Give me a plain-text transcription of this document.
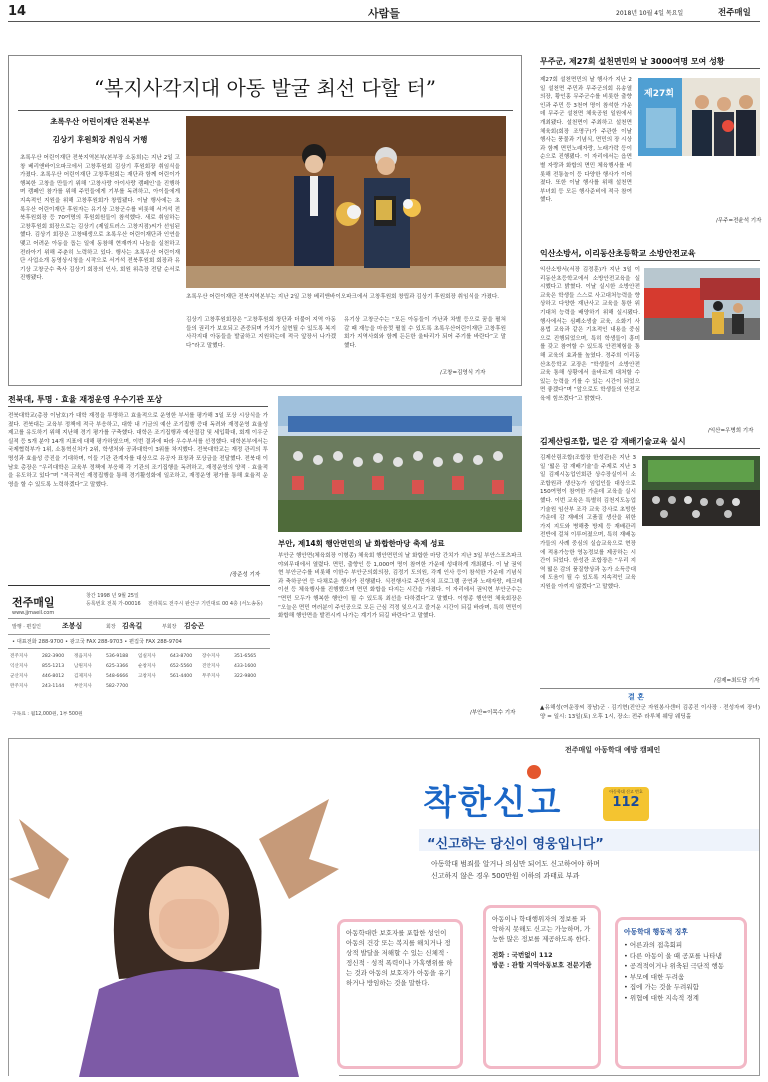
14	사람들	2018년 10월 4일 목요일	전주매일
“복지사각지대 아동 발굴 최선 다할 터”
초록우산 어린이재단 전북본부
김상기 후원회장 취임식 거행
초록우산 어린이재단 전북지역본부(본부장 소동희)는 지난 2일 고창 베리앤바이오파크에서 고창후원회 김상기 후원회장 취임식을 가졌다. 초록우산 어린이재단 고창후원회는 재단과 함께 어린이가 행복한 고창을 만들기 위해 ‘고창사랑 아이사랑 캠페인’을 진행하며 캠페인 참가를 위해 주민들에게 기부를 독려하고, 아이들에게 지속적인 지원을 위해 고창후원회가 창립됐다. 이날 행사에는 초록우산 어린이재단 후원자는 유기상 고창군수를 비롯해 서거석 전북후원회장 등 70여명의 후원회원들이 참석했다. 새로 취임하는 고창후원회 회장으로는 김상기 (제일트러스 고창지점)씨가 선임된 했다. 김상기 회장은 고창태생으로 초록우산 어린이재단과 인연을 맺고 어려운 아동을 돕는 일에 동참해 현재까지 나눔을 실천하고 전라아기 위해 주춘히 노력하고 있다. 행사는 초록우산 어린이재단 사업소개 동영상시청을 시작으로 서거석 전북후원회 회장과 유기상 고창군수 축사 김상기 회장의 인사, 회원 위촉장 전달 순서로 진행됐다.
초록우산 어린이재단 전북지역본부는 지난 2일 고창 베리앤바이오파크에서 고창후원회 창립과 김상기 후원회장 취임식을 가졌다.
김상기 고창후원회장은 “고창후원회 창단과 더불어 지역 아동들의 권리가 보호되고 존중되며 가치가 실현될 수 있도록 복지사각지대 아동들을 발굴하고 지원하는데 적극 앞장서 나가겠다”라고 말했다.
유기상 고창군수는 “모든 아동들이 가난과 차별 등으로 꿈을 펼쳐 갈 때 재능을 마음껏 펼칠 수 있도록 초록우산어린이재단 고창후원회가 지역사회와 함께 든든한 울타리가 되어 주기를 바란다”고 말했다.
/고창=김영식 기자
무주군, 제27회 설천면민의 날 3000여명 모여 성황
제27회 설천면민의 날 행사가 지난 2일 설천면 주민과 무주군의회 유송열 의장, 황인홍 무주군수를 비롯한 출향인과 주민 등 3천여 명이 참석한 가운데 무주군 설천면 체육공원 일원에서 개최됐다. 설천면이 주최하고 설천면체육회(회장 조명구)가 주관한 이날 행사는 풍물과 기념식, 면민의 장 시상과 함께 면민노래자랑, 노래가락 등이 순으로 진행됐다. 이 자리에서는 읍면별 자랑과 화합의 면민 체육행사를 비롯해 전통놀이 등 다양한 행사가 이어졌다. 또한 이날 행사를 위해 설천면 부녀회 등 모든 행사준비에 적극 참여 했다.
제27회
/무주=전윤석 기자
익산소방서, 이리동산초등학교 소방안전교육
익산소방서(서장 김정훈)가 지난 3일 이리동산초등학교에서 소방안전교육을 실시했다고 밝혔다. 이날 실시한 소방안전교육은 학생들 스스로 사고대처능력을 향상하고 다양한 재난사고 교육을 통한 위기대처 능력을 배양하기 위해 실시됐다. 행사에서는 심폐소생술 교육, 소화기 사용법 교육과 같은 기초적인 내용을 중심으로 진행되었으며, 특히 학생들이 흥미를 갖고 참여할 수 있도록 안전체험을 통해 교육의 효과를 높였다. 정주희 이리동산초등학교 교장은 “학생들이 소방안전교육 통해 상황에서 올바르게 대처할 수 있는 능력을 기를 수 있는 시간이 되었으면 좋겠다”며 “앞으로도 학생들의 안전교육에 힘쓰겠다”고 밝혔다.
/익산=우병희 기자
김제산림조합, 멀은 감 재배기술교육 실시
김제산림조합(조합장 한성관)은 지난 3일 ‘떫은 감 재배기술’을 주제로 지난 3일 김제시농업인회관 상수장실이서 소조합원과 생산농가 임업인들 대상으로 150여명이 참여한 가운데 교육을 실시했다. 이번 교육은 특별히 김천지도농업기술원 임산부 조각 교육 강사로 초빙한 가운데 감 재배의 고품질 생산을 위한 가지 지도와 병해충 방제 등 재배관리 전반에 걸쳐 이루어졌으며, 특히 재배농가들의 사례 중심의 실습교육으로 현장에 적용가능한 영농정보를 제공하는 시간이 되었다. 한성관 조합장은 “우리 지역 떫은 감의 품질향상과 농가 소득증대에 도움이 될 수 있도록 지속적인 교육 지원을 아끼지 않겠다”고 말했다.
/김제=최도담 기자
결 혼
▲유해성(여운장씨 장남)군 · 김기현(진안군 자원봉사센터 김종진 이사장 · 전성자씨 장녀)양 = 일시: 13일(토) 오후 1시, 장소: 전주 라루체 웨딩 웨딩홀
전북대, 투명 · 효율 재정운영 우수기관 포상
전북대학교(총장 이남호)가 대학 재정을 투명하고 효율적으로 운영한 부서를 평가해 3일 포상 시상식을 가졌다. 전북대는 교육부 정책에 적극 부응하고, 대학 내 기금의 예산 조기집행 증대 독려와 재정운영 효율성 제고를 유도하기 위해 지난해 경기 평가를 구축했다. 대학은 조기집행과 예산절감 및 세입확대, 회계 이우군 실적 등 5개 분야 14개 지표에 대해 평가하였으며, 이번 결과에 따라 우수부서를 선정했다. 대학본부에서는 국제협력부가 1위, 소통혁신처가 2위, 학생처와 공과대학이 3위를 차지했다. 전북대학교는 재정 관리의 투명성과 효율성 증진을 기대하며, 이들 기관 관계자를 대상으로 유공자 표창과 포상금을 전달했다. 전북대 이남호 총장은 “우리대학은 교육부 정책에 부응해 각 기관의 조기집행을 독려하고, 재정운영의 양적 · 효율적을 유도하고 있다”며 “적극적인 재정집행을 통해 경기활성화에 일조하고, 재정운영 평가를 통해 효율적 운영을 할 수 있도록 노력하겠다”고 말했다.
/장준성 기자
부안, 제14회 행안면민의 날 화합한마당 축제 성료
부안군 행안면(체육회장 이형종) 체육회 행안면민의 날 화합한 마당 간치가 지난 3일 부안스포츠파크 야외무대에서 열렸다. 면민, 출향인 등 1,000여 명이 참여한 가운데 성대하게 개최됐다. 이 날 권익현 부안군수를 비롯해 이한수 부안군의회의장, 김정기 도의원, 각계 인사 등이 참석한 가운데 기념식과 축하공연 등 다채로운 행사가 진행됐다. 식전행사로 주민자치 프로그램 공연과 노래자랑, 레크레이션 등 체육행사를 진행했으며 면민 화합을 다지는 시간을 가졌다. 이 자리에서 권익현 부안군수는 “면민 모두가 행복한 행안이 될 수 있도록 최선을 다하겠다”고 말했다. 이형종 행안면 체육회장은 “오늘은 면민 여러분이 주인공으로 모든 근심 걱정 잊으시고 즐거운 시간이 되길 바라며, 특히 면민이 화합해 행안면을 발전시켜 나가는 계기가 되길 바란다”고 말했다.
/부안=이목수 기자
전주매일
www.jjmaeil.com
창간 1998 년 9월 25일
등록번호 전북 가-00016 전라북도 전주시 완산구 기린대로 00 4층 (서노송동)
발행 · 편집인	조봉심	회장 김옥길	부회장 김승곤
• 대표전화 288-9700 • 광고국 FAX 288-9703 • 편집국 FAX 288-9704
전주지사	282-3900	정읍지사	536-9188	임실지사	643-8700	장수지사	351-6565
익산지사	855-1213	남원지사	625-3366	순창지사	652-5560	진안지사	433-1600
군산지사	446-8012	김제지사	548-6666	고창지사	561-4400	무주지사	322-9800
완주지사	243-1144	부안지사	582-7700
구독료 : 월12,000원, 1부 500원
전주매일 아동학대 예방 캠페인
착한신고	아동학대 신고 번호
112
“신고하는 당신이 영웅입니다”
아동학대 범죄를 알거나 의심만 되어도 신고하여야 하며
신고하지 않은 경우 500만원 이하의 과태료 부과
아동학대란 보호자를 포함한 성인이 아동의 건강 또는 복지를 해치거나 정상적 발달을 저해할 수 있는 신체적 · 정신적 · 성적 폭력이나 가혹행위를 하는 것과 아동의 보호자가 아동을 유기하거나 방임하는 것을 말한다.
아동이나 학대행위자의 정보를 파악하지 못해도 신고는 가능하며, 가능한 많은 정보를 제공하도록 한다.
전화 : 국번없이 112
방문 : 관할 지역아동보호 전문기관
아동학대 행동적 징후
• 어른과의 접촉회피
• 다른 아동이 울 때 공포를 나타냄
• 공격적이거나 위축된 극단적 행동
• 부모에 대한 두려움
• 집에 가는 것을 두려워함
• 위협에 대한 지속적 경계
